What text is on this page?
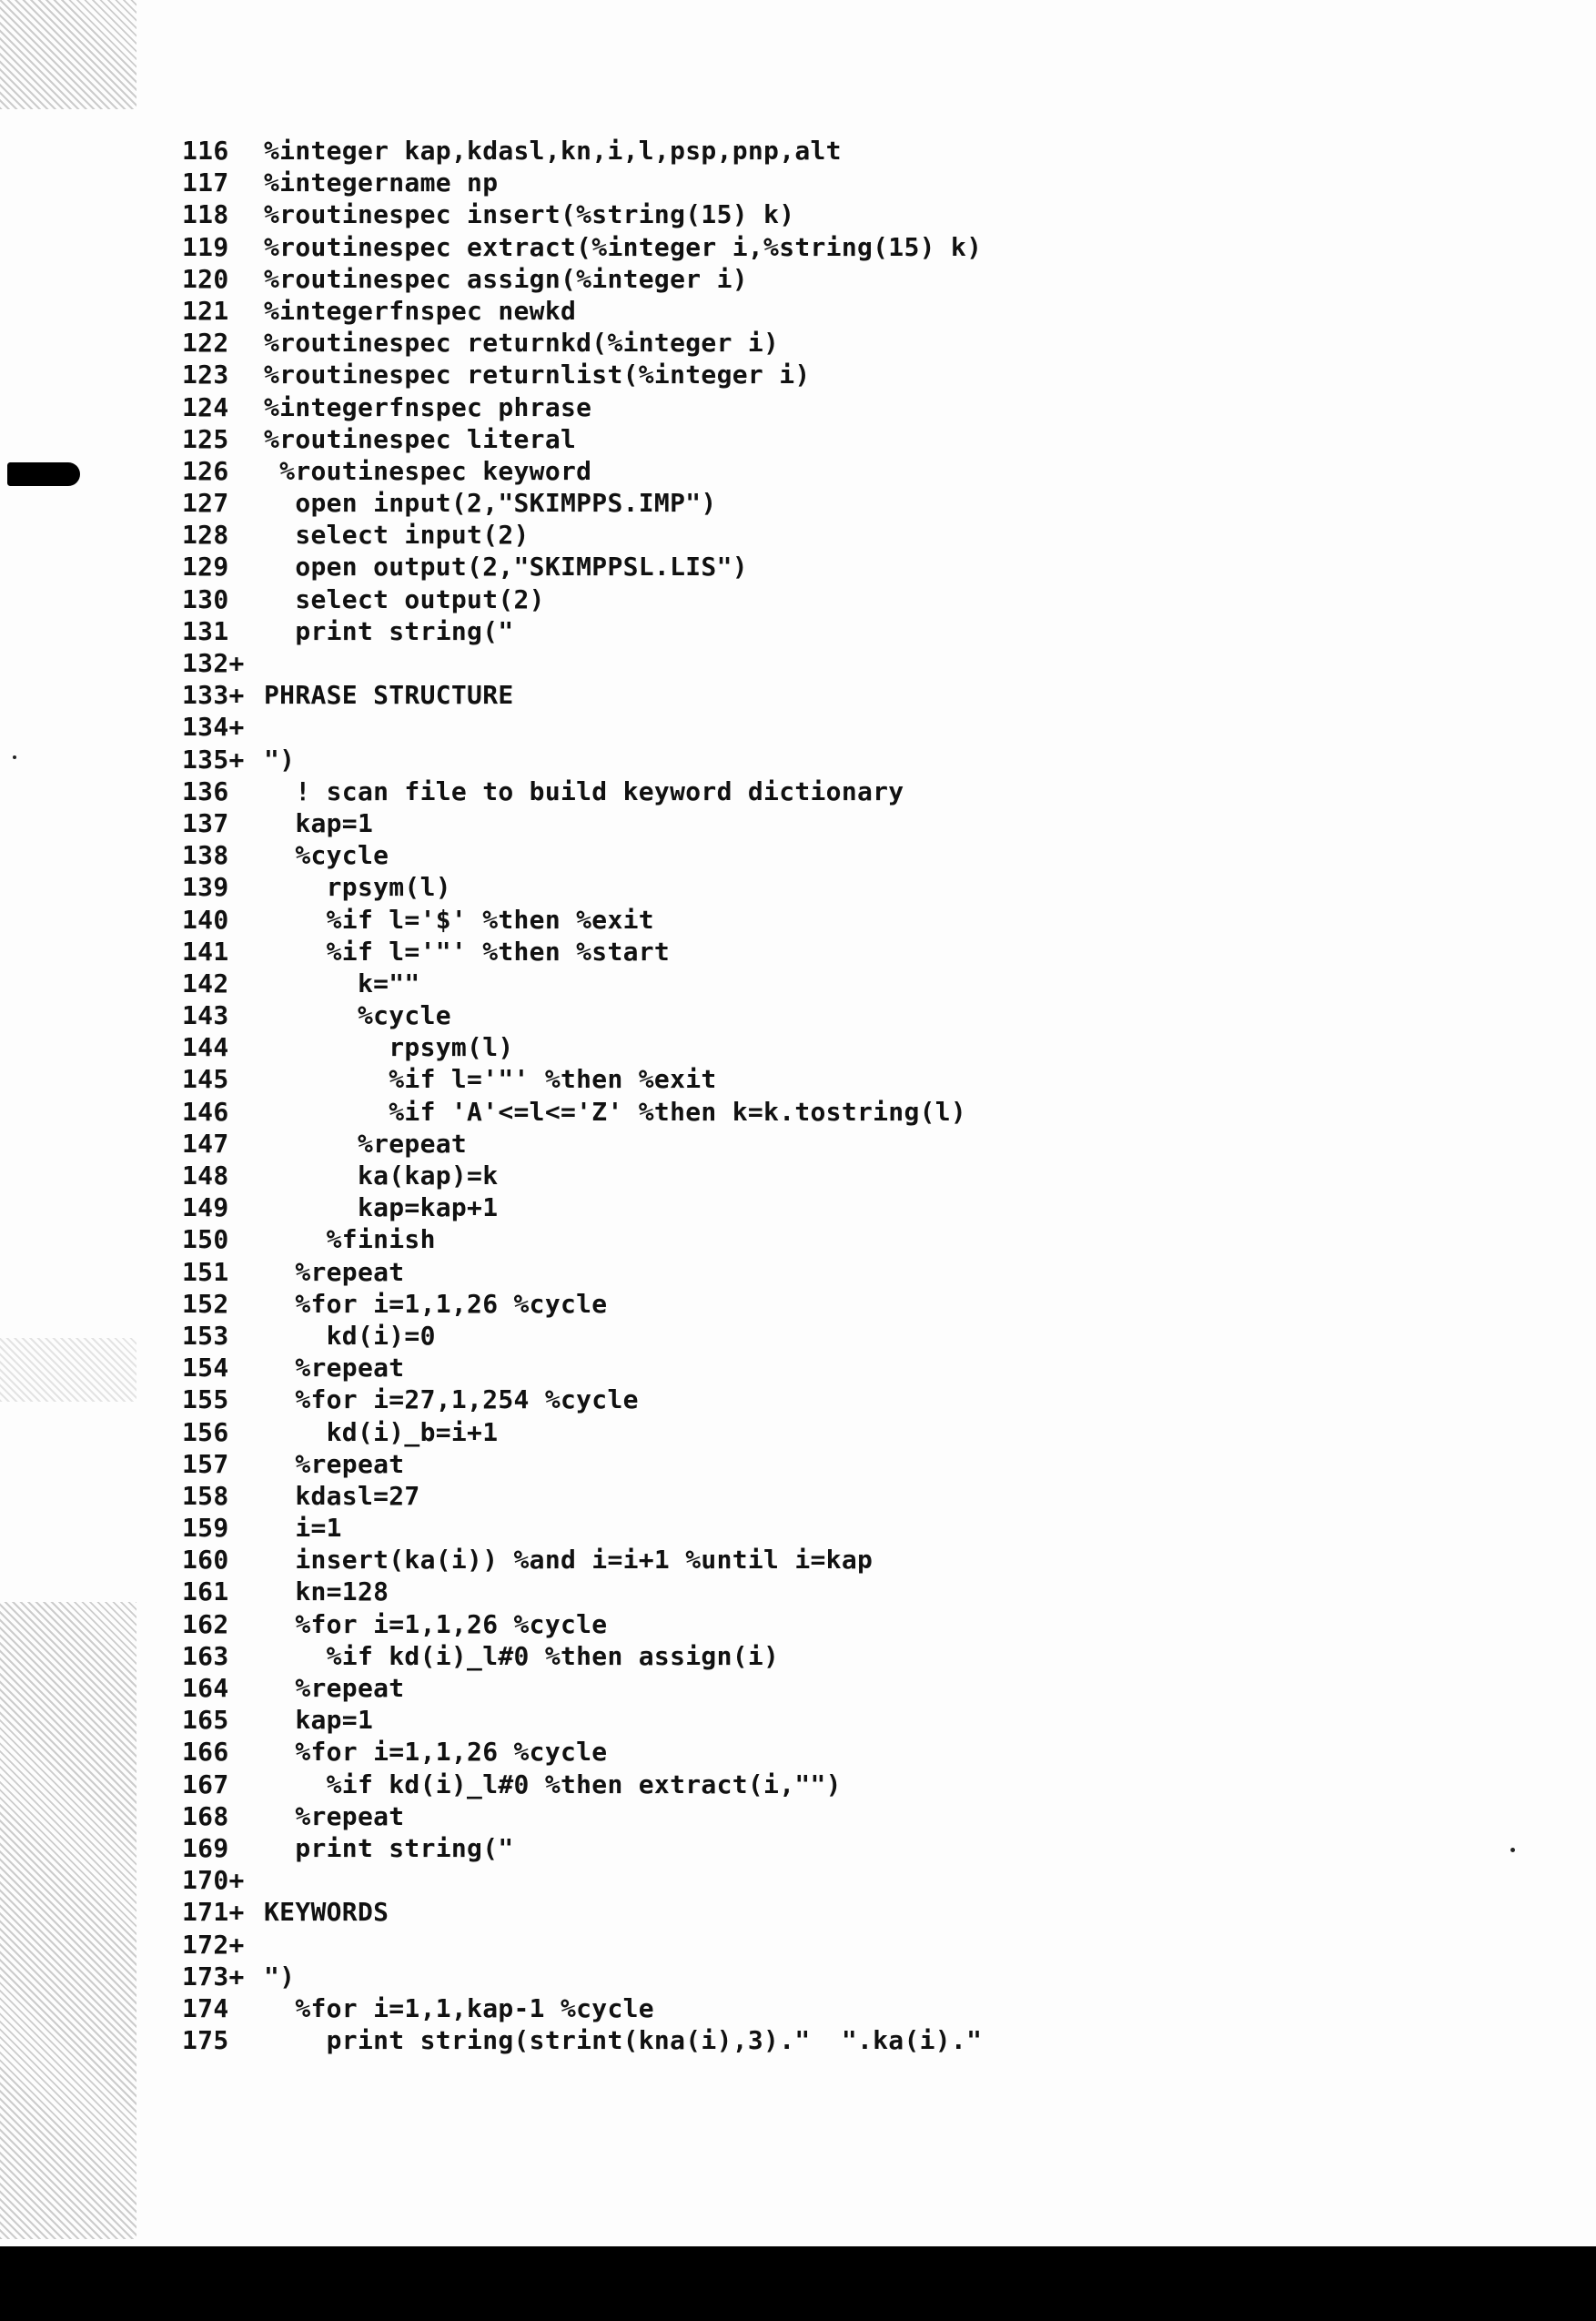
116	%integer kap,kdasl,kn,i,l,psp,pnp,alt
117	%integername np
118	%routinespec insert(%string(15) k)
119	%routinespec extract(%integer i,%string(15) k)
120	%routinespec assign(%integer i)
121	%integerfnspec newkd
122	%routinespec returnkd(%integer i)
123	%routinespec returnlist(%integer i)
124	%integerfnspec phrase
125	%routinespec literal
126	%routinespec keyword
127	open input(2,"SKIMPPS.IMP")
128	select input(2)
129	open output(2,"SKIMPPSL.LIS")
130	select output(2)
131	print string("
132+
133+ PHRASE STRUCTURE
134+
135+ ")
136	! scan file to build keyword dictionary
137	kap=1
138	%cycle
139	rpsym(l)
140	%if l='$' %then %exit
141	%if l='"' %then %start
142	k=""
143	%cycle
144	rpsym(l)
145	%if l='"' %then %exit
146	%if 'A'<=l<='Z' %then k=k.tostring(l)
147	%repeat
148	ka(kap)=k
149	kap=kap+1
150	%finish
151	%repeat
152	%for i=1,1,26 %cycle
153	kd(i)=0
154	%repeat
155	%for i=27,1,254 %cycle
156	kd(i)_b=i+1
157	%repeat
158	kdasl=27
159	i=1
160	insert(ka(i)) %and i=i+1 %until i=kap
161	kn=128
162	%for i=1,1,26 %cycle
163	%if kd(i)_l#0 %then assign(i)
164	%repeat
165	kap=1
166	%for i=1,1,26 %cycle
167	%if kd(i)_l#0 %then extract(i,"")
168	%repeat
169	print string("
170+
171+ KEYWORDS
172+
173+ ")
174	%for i=1,1,kap-1 %cycle
175	print string(strint(kna(i),3)."  ".ka(i)."
